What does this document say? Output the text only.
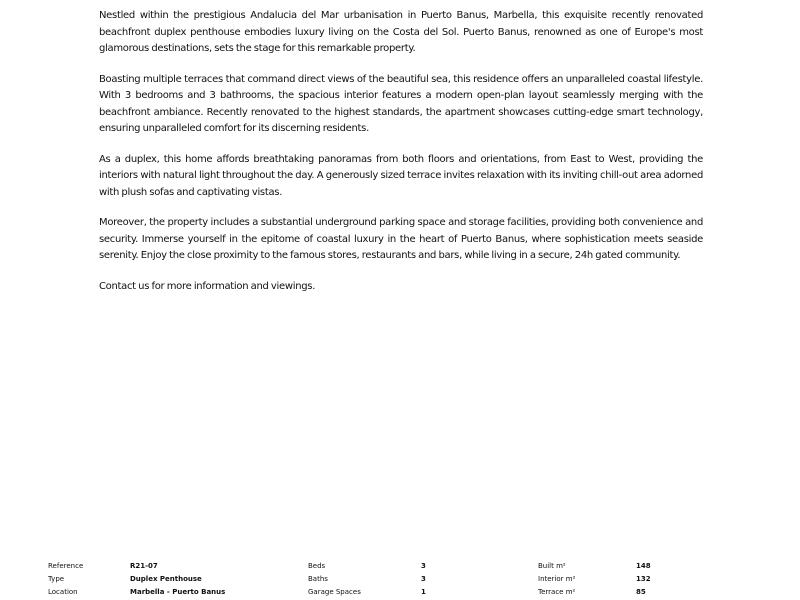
Nestled within the prestigious Andalucia del Mar urbanisation in Puerto Banus, Marbella, this exquisite recently renovated beachfront duplex penthouse embodies luxury living on the Costa del Sol. Puerto Banus, renowned as one of Europe's most glamorous destinations, sets the stage for this remarkable property.

Boasting multiple terraces that command direct views of the beautiful sea, this residence offers an unparalleled coastal lifestyle. With 3 bedrooms and 3 bathrooms, the spacious interior features a modern open-plan layout seamlessly merging with the beachfront ambiance. Recently renovated to the highest standards, the apartment showcases cutting-edge smart technology, ensuring unparalleled comfort for its discerning residents.

As a duplex, this home affords breathtaking panoramas from both floors and orientations, from East to West, providing the interiors with natural light throughout the day. A generously sized terrace invites relaxation with its inviting chill-out area adorned with plush sofas and captivating vistas.

Moreover, the property includes a substantial underground parking space and storage facilities, providing both convenience and security. Immerse yourself in the epitome of coastal luxury in the heart of Puerto Banus, where sophistication meets seaside serenity. Enjoy the close proximity to the famous stores, restaurants and bars, while living in a secure, 24h gated community.

Contact us for more information and viewings.

Reference	R21-07	Beds	3	Built m²	148
Type	Duplex Penthouse	Baths	3	Interior m²	132
Location	Marbella - Puerto Banus	Garage Spaces	1	Terrace m²	85
